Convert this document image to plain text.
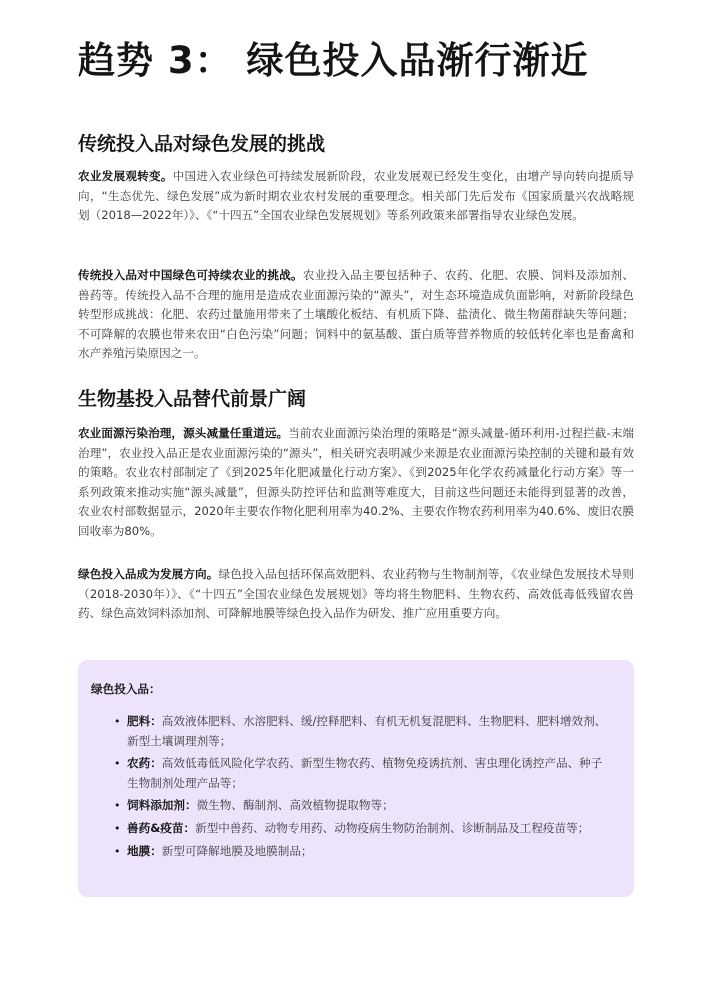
趋势 3： 绿色投入品渐行渐近
传统投入品对绿色发展的挑战

农业发展观转变。中国进入农业绿色可持续发展新阶段，农业发展观已经发生变化，由增产导向转向提质导向，“生态优先、绿色发展”成为新时期农业农村发展的重要理念。相关部门先后发布《国家质量兴农战略规划（2018—2022年）》、《“十四五”全国农业绿色发展规划》等系列政策来部署指导农业绿色发展。

传统投入品对中国绿色可持续农业的挑战。农业投入品主要包括种子、农药、化肥、农膜、饲料及添加剂、兽药等。传统投入品不合理的施用是造成农业面源污染的“源头”，对生态环境造成负面影响，对新阶段绿色转型形成挑战：化肥、农药过量施用带来了土壤酸化板结、有机质下降、盐渍化、微生物菌群缺失等问题；不可降解的农膜也带来农田“白色污染”问题；饲料中的氨基酸、蛋白质等营养物质的较低转化率也是畜禽和水产养殖污染原因之一。

生物基投入品替代前景广阔

农业面源污染治理，源头减量任重道远。当前农业面源污染治理的策略是“源头减量-循环利用-过程拦截-末端治理”，农业投入品正是农业面源污染的“源头”，相关研究表明减少来源是农业面源污染控制的关键和最有效的策略。农业农村部制定了《到2025年化肥减量化行动方案》、《到2025年化学农药减量化行动方案》等一系列政策来推动实施“源头减量”，但源头防控评估和监测等难度大，目前这些问题还未能得到显著的改善，农业农村部数据显示，2020年主要农作物化肥利用率为40.2%、主要农作物农药利用率为40.6%、废旧农膜回收率为80%。

绿色投入品成为发展方向。绿色投入品包括环保高效肥料、农业药物与生物制剂等，《农业绿色发展技术导则（2018-2030年）》、《“十四五”全国农业绿色发展规划》等均将生物肥料、生物农药、高效低毒低残留农兽药、绿色高效饲料添加剂、可降解地膜等绿色投入品作为研发、推广应用重要方向。

绿色投入品：

• 肥料：高效液体肥料、水溶肥料、缓/控释肥料、有机无机复混肥料、生物肥料、肥料增效剂、新型土壤调理剂等；
• 农药：高效低毒低风险化学农药、新型生物农药、植物免疫诱抗剂、害虫理化诱控产品、种子生物制剂处理产品等；
• 饲料添加剂：微生物、酶制剂、高效植物提取物等；
• 兽药&疫苗：新型中兽药、动物专用药、动物疫病生物防治制剂、诊断制品及工程疫苗等；
• 地膜：新型可降解地膜及地膜制品；
